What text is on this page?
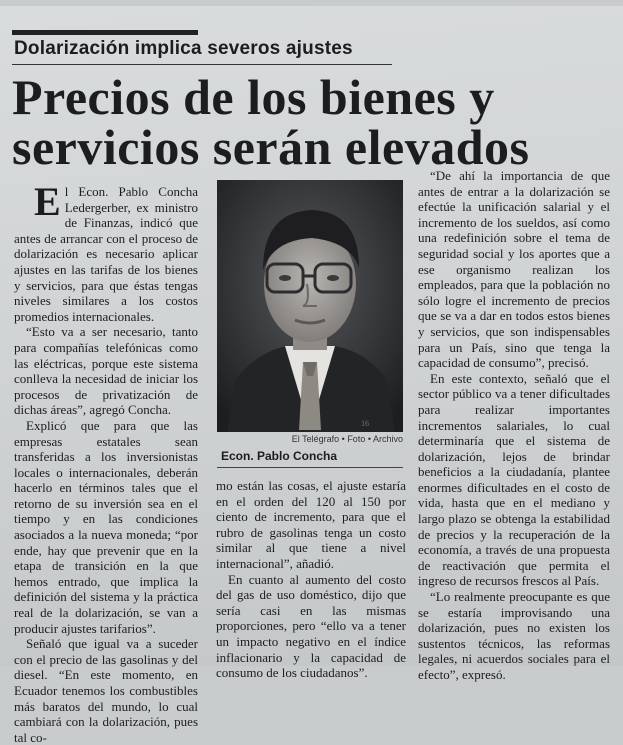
Dolarización implica severos ajustes
Precios de los bienes y servicios serán elevados

El Econ. Pablo Concha Ledergerber, ex ministro de Finanzas, indicó que antes de arrancar con el proceso de dolarización es necesario aplicar ajustes en las tarifas de los bienes y servicios, para que éstas tengas niveles similares a los costos promedios internacionales.

“Esto va a ser necesario, tanto para compañías telefónicas como las eléctricas, porque este sistema conlleva la necesidad de iniciar los procesos de privatización de dichas áreas”, agregó Concha.

Explicó que para que las empresas estatales sean transferidas a los inversionistas locales o internacionales, deberán hacerlo en términos tales que el retorno de su inversión sea en el tiempo y en las condiciones asociados a la nueva moneda; “por ende, hay que prevenir que en la etapa de transición en la que hemos entrado, que implica la definición del sistema y la práctica real de la dolarización, se van a producir ajustes tarifarios”.

Señaló que igual va a suceder con el precio de las gasolinas y del diesel. “En este momento, en Ecuador tenemos los combustibles más baratos del mundo, lo cual cambiará con la dolarización, pues tal co-

16
El Telégrafo • Foto • Archivo
Econ. Pablo Concha

mo están las cosas, el ajuste estaría en el orden del 120 al 150 por ciento de incremento, para que el rubro de gasolinas tenga un costo similar al que tiene a nivel internacional”, añadió.

En cuanto al aumento del costo del gas de uso doméstico, dijo que sería casi en las mismas proporciones, pero “ello va a tener un impacto negativo en el índice inflacionario y la capacidad de consumo de los ciudadanos”.

“De ahí la importancia de que antes de entrar a la dolarización se efectúe la unificación salarial y el incremento de los sueldos, así como una redefinición sobre el tema de seguridad social y los aportes que a ese organismo realizan los empleados, para que la población no sólo logre el incremento de precios que se va a dar en todos estos bienes y servicios, que son indispensables para un País, sino que tenga la capacidad de consumo”, precisó.

En este contexto, señaló que el sector público va a tener dificultades para realizar importantes incrementos salariales, lo cual determinaría que el sistema de dolarización, lejos de brindar beneficios a la ciudadanía, plantee enormes dificultades en el costo de vida, hasta que en el mediano y largo plazo se obtenga la estabilidad de precios y la recuperación de la economía, a través de una propuesta de reactivación que permita el ingreso de recursos frescos al País.

“Lo realmente preocupante es que se estaría improvisando una dolarización, pues no existen los sustentos técnicos, las reformas legales, ni acuerdos sociales para el efecto”, expresó.
